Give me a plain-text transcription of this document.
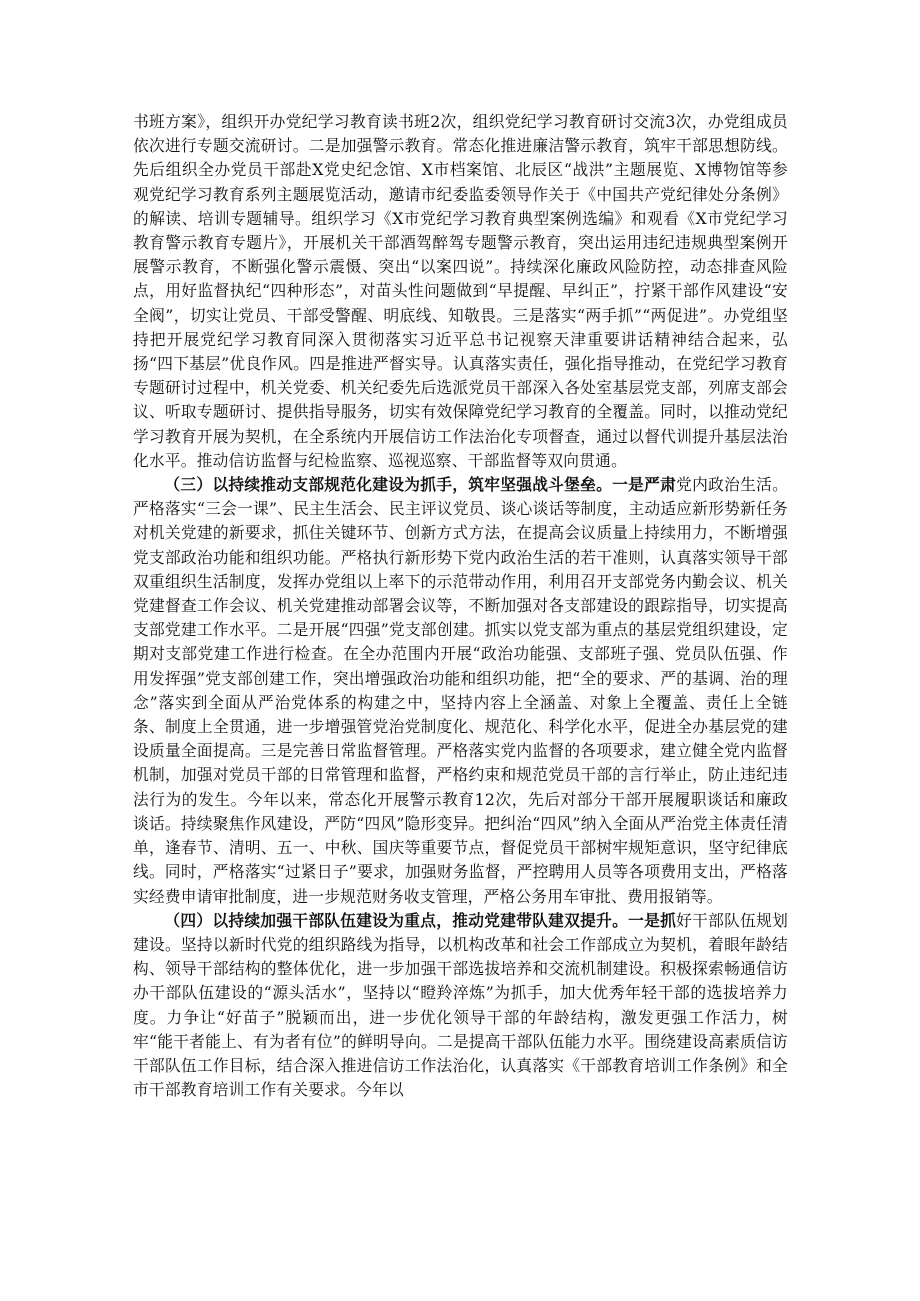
书班方案》，组织开办党纪学习教育读书班2次，组织党纪学习教育研讨交流3次，办党组成员依次进行专题交流研讨。二是加强警示教育。常态化推进廉洁警示教育，筑牢干部思想防线。先后组织全办党员干部赴X党史纪念馆、X市档案馆、北辰区“战洪”主题展览、X博物馆等参观党纪学习教育系列主题展览活动，邀请市纪委监委领导作关于《中国共产党纪律处分条例》的解读、培训专题辅导。组织学习《X市党纪学习教育典型案例选编》和观看《X市党纪学习教育警示教育专题片》，开展机关干部酒驾醉驾专题警示教育，突出运用违纪违规典型案例开展警示教育，不断强化警示震慑、突出“以案四说”。持续深化廉政风险防控，动态排查风险点，用好监督执纪“四种形态”，对苗头性问题做到“早提醒、早纠正”，拧紧干部作风建设“安全阀”，切实让党员、干部受警醒、明底线、知敬畏。三是落实“两手抓”“两促进”。办党组坚持把开展党纪学习教育同深入贯彻落实习近平总书记视察天津重要讲话精神结合起来，弘扬“四下基层”优良作风。四是推进严督实导。认真落实责任，强化指导推动，在党纪学习教育专题研讨过程中，机关党委、机关纪委先后选派党员干部深入各处室基层党支部，列席支部会议、听取专题研讨、提供指导服务，切实有效保障党纪学习教育的全覆盖。同时，以推动党纪学习教育开展为契机，在全系统内开展信访工作法治化专项督查，通过以督代训提升基层法治化水平。推动信访监督与纪检监察、巡视巡察、干部监督等双向贯通。

（三）以持续推动支部规范化建设为抓手，筑牢坚强战斗堡垒。一是严肃党内政治生活。严格落实“三会一课”、民主生活会、民主评议党员、谈心谈话等制度，主动适应新形势新任务对机关党建的新要求，抓住关键环节、创新方式方法，在提高会议质量上持续用力，不断增强党支部政治功能和组织功能。严格执行新形势下党内政治生活的若干准则，认真落实领导干部双重组织生活制度，发挥办党组以上率下的示范带动作用，利用召开支部党务内勤会议、机关党建督查工作会议、机关党建推动部署会议等，不断加强对各支部建设的跟踪指导，切实提高支部党建工作水平。二是开展“四强”党支部创建。抓实以党支部为重点的基层党组织建设，定期对支部党建工作进行检查。在全办范围内开展“政治功能强、支部班子强、党员队伍强、作用发挥强”党支部创建工作，突出增强政治功能和组织功能，把“全的要求、严的基调、治的理念”落实到全面从严治党体系的构建之中，坚持内容上全涵盖、对象上全覆盖、责任上全链条、制度上全贯通，进一步增强管党治党制度化、规范化、科学化水平，促进全办基层党的建设质量全面提高。三是完善日常监督管理。严格落实党内监督的各项要求，建立健全党内监督机制，加强对党员干部的日常管理和监督，严格约束和规范党员干部的言行举止，防止违纪违法行为的发生。今年以来，常态化开展警示教育12次，先后对部分干部开展履职谈话和廉政谈话。持续聚焦作风建设，严防“四风”隐形变异。把纠治“四风”纳入全面从严治党主体责任清单，逢春节、清明、五一、中秋、国庆等重要节点，督促党员干部树牢规矩意识，坚守纪律底线。同时，严格落实“过紧日子”要求，加强财务监督，严控聘用人员等各项费用支出，严格落实经费申请审批制度，进一步规范财务收支管理，严格公务用车审批、费用报销等。

（四）以持续加强干部队伍建设为重点，推动党建带队建双提升。一是抓好干部队伍规划建设。坚持以新时代党的组织路线为指导，以机构改革和社会工作部成立为契机，着眼年龄结构、领导干部结构的整体优化，进一步加强干部选拔培养和交流机制建设。积极探索畅通信访办干部队伍建设的“源头活水”，坚持以“瞪羚淬炼”为抓手，加大优秀年轻干部的选拔培养力度。力争让“好苗子”脱颖而出，进一步优化领导干部的年龄结构，激发更强工作活力，树牢“能干者能上、有为者有位”的鲜明导向。二是提高干部队伍能力水平。围绕建设高素质信访干部队伍工作目标，结合深入推进信访工作法治化，认真落实《干部教育培训工作条例》和全市干部教育培训工作有关要求。今年以
